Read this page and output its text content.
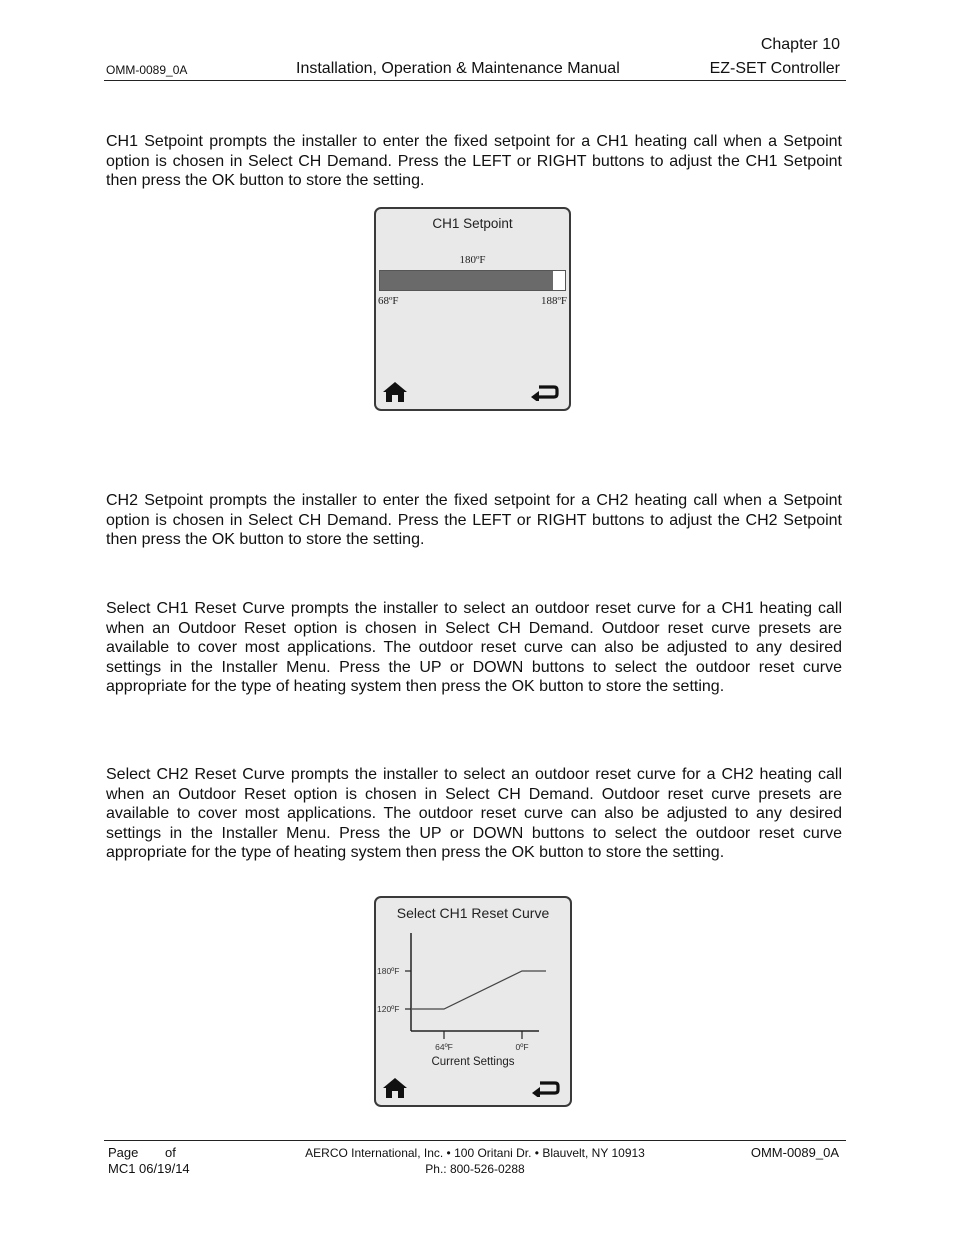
Chapter 10
OMM-0089_0A	Installation, Operation & Maintenance Manual	EZ-SET Controller

CH1 Setpoint prompts the installer to enter the fixed setpoint for a CH1 heating call when a Setpoint option is chosen in Select CH Demand. Press the LEFT or RIGHT buttons to adjust the CH1 Setpoint then press the OK button to store the setting.

CH1 Setpoint
180ºF
68ºF	188ºF

CH2 Setpoint prompts the installer to enter the fixed setpoint for a CH2 heating call when a Setpoint option is chosen in Select CH Demand. Press the LEFT or RIGHT buttons to adjust the CH2 Setpoint then press the OK button to store the setting.

Select CH1 Reset Curve prompts the installer to select an outdoor reset curve for a CH1 heating call when an Outdoor Reset option is chosen in Select CH Demand. Outdoor reset curve presets are available to cover most applications. The outdoor reset curve can also be adjusted to any desired settings in the Installer Menu. Press the UP or DOWN buttons to select the outdoor reset curve appropriate for the type of heating system then press the OK button to store the setting.

Select CH2 Reset Curve prompts the installer to select an outdoor reset curve for a CH2 heating call when an Outdoor Reset option is chosen in Select CH Demand. Outdoor reset curve presets are available to cover most applications. The outdoor reset curve can also be adjusted to any desired settings in the Installer Menu. Press the UP or DOWN buttons to select the outdoor reset curve appropriate for the type of heating system then press the OK button to store the setting.

Select CH1 Reset Curve
180ºF
120ºF
64ºF	0ºF
Current Settings
Page of
MC1 06/19/14
AERCO International, Inc. • 100 Oritani Dr. • Blauvelt, NY 10913
Ph.: 800-526-0288
OMM-0089_0A
